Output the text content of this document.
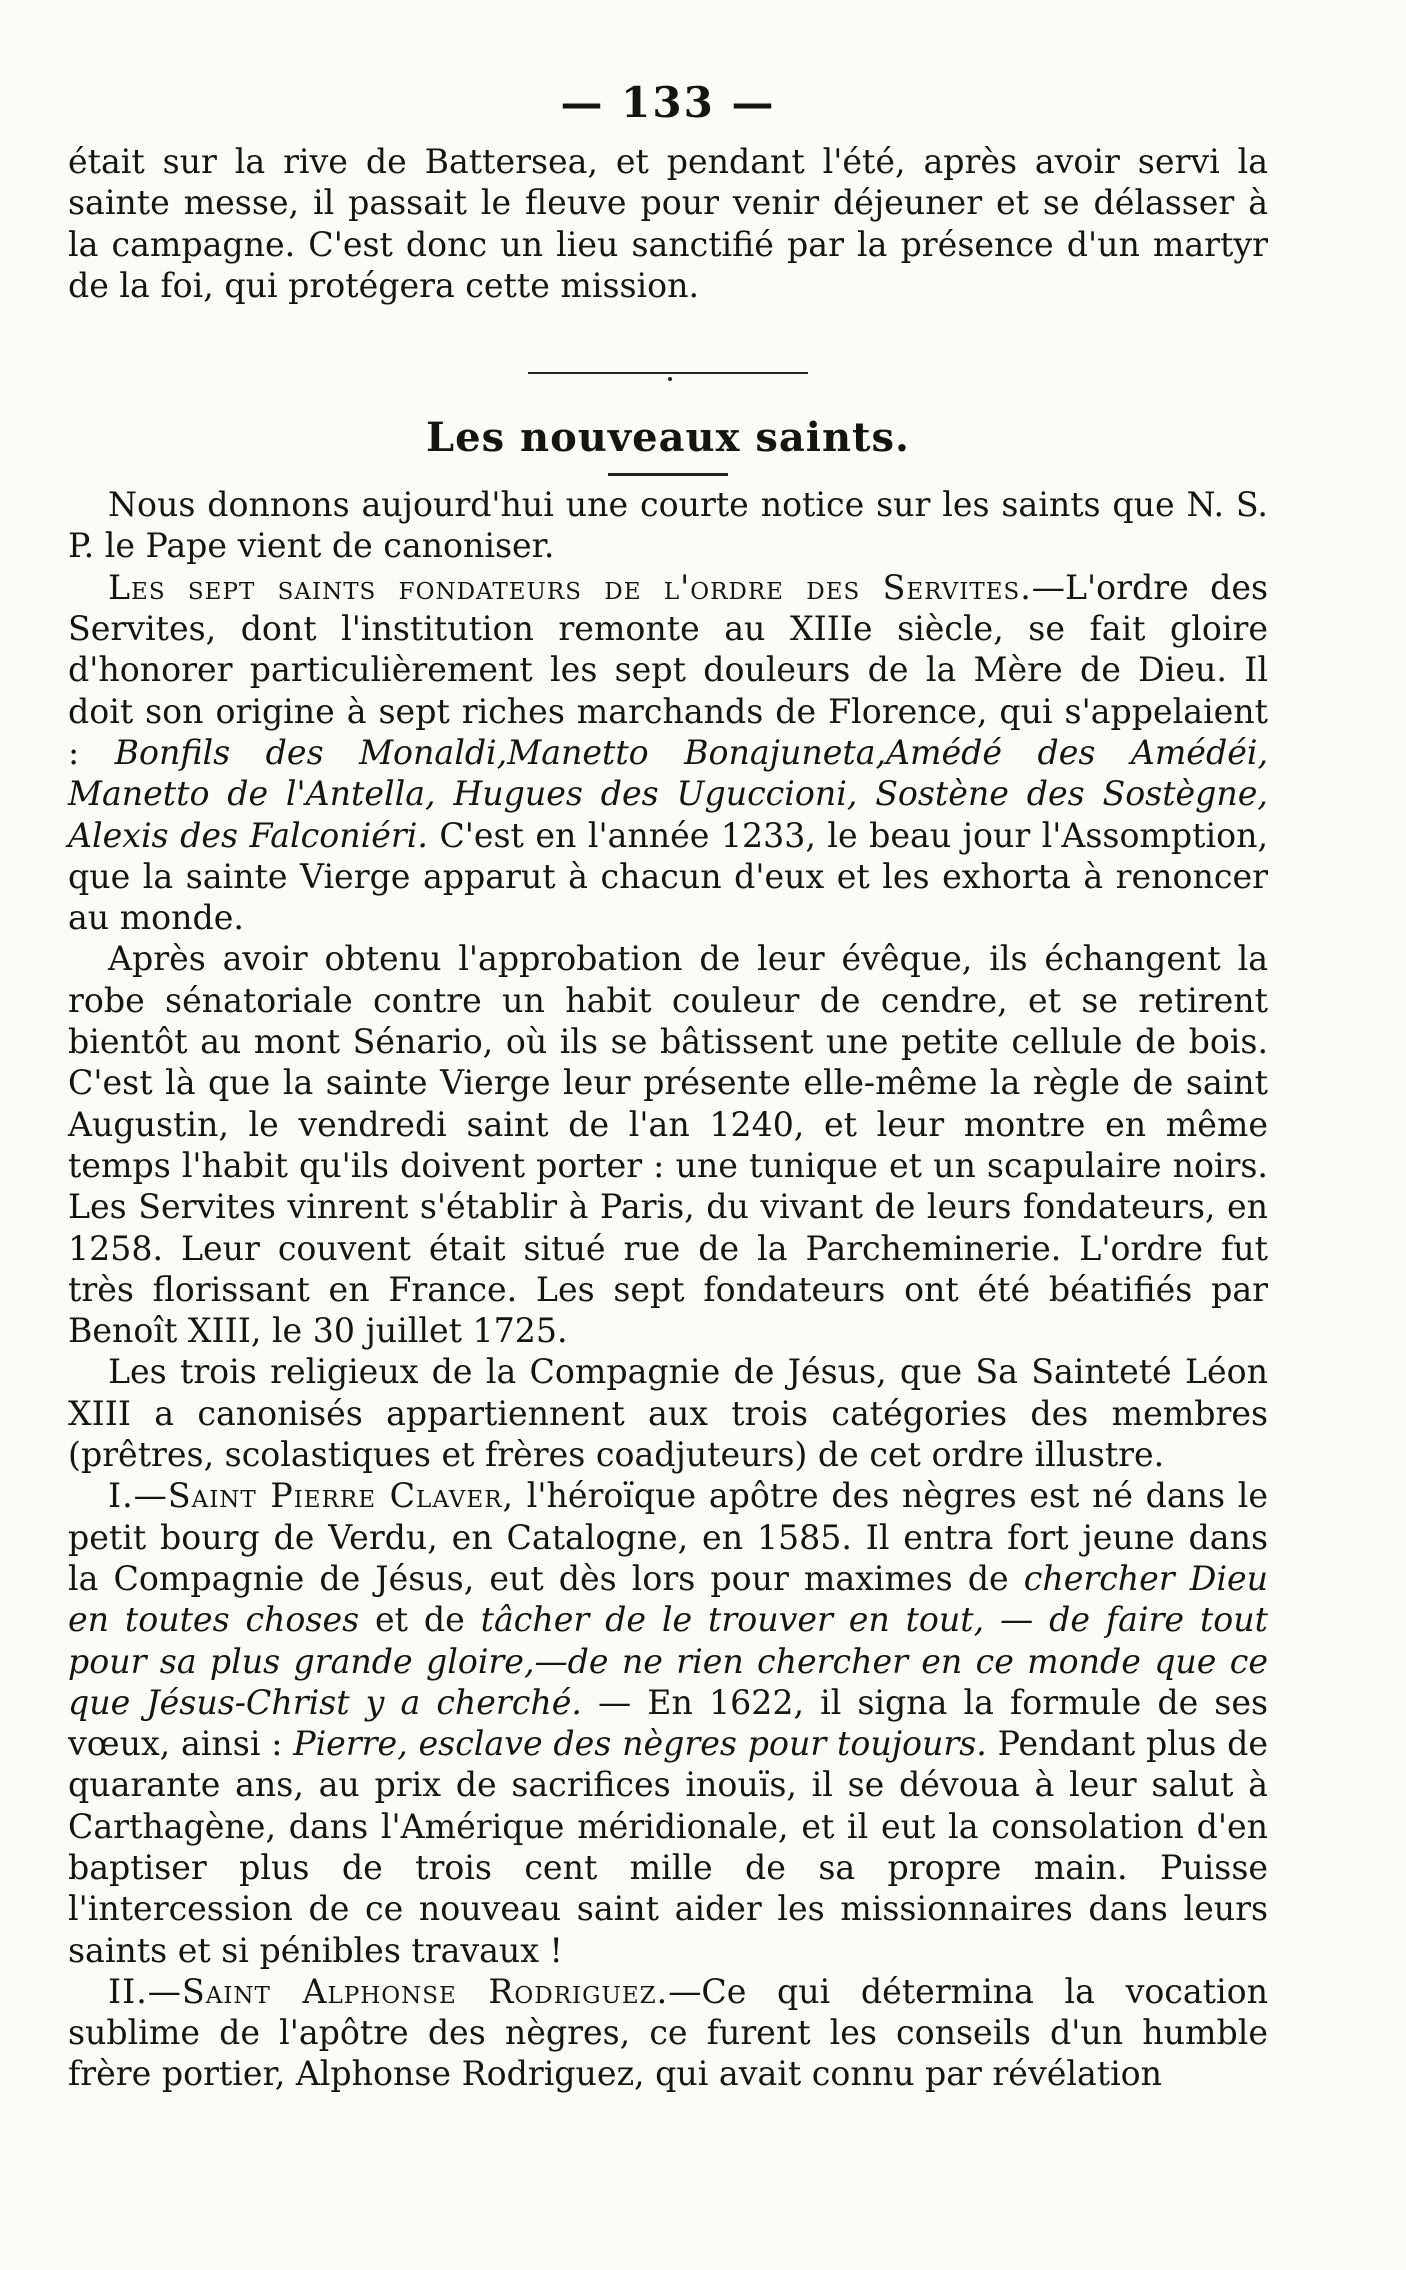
— 133 —

était sur la rive de Battersea, et pendant l'été, après avoir servi la sainte messe, il passait le fleuve pour venir déjeuner et se délasser à la campagne. C'est donc un lieu sanctifié par la présence d'un martyr de la foi, qui protégera cette mission.

Les nouveaux saints.

Nous donnons aujourd'hui une courte notice sur les saints que N. S. P. le Pape vient de canoniser.

Les sept saints fondateurs de l'ordre des Servites.—L'ordre des Servites, dont l'institution remonte au XIIIe siècle, se fait gloire d'honorer particulièrement les sept douleurs de la Mère de Dieu. Il doit son origine à sept riches marchands de Florence, qui s'appelaient : Bonfils des Monaldi,Manetto Bonajuneta,Amédé des Amédéi, Manetto de l'Antella, Hugues des Uguccioni, Sostène des Sostègne, Alexis des Falconiéri. C'est en l'année 1233, le beau jour l'Assomption, que la sainte Vierge apparut à chacun d'eux et les exhorta à renoncer au monde.

Après avoir obtenu l'approbation de leur évêque, ils échangent la robe sénatoriale contre un habit couleur de cendre, et se retirent bientôt au mont Sénario, où ils se bâtissent une petite cellule de bois. C'est là que la sainte Vierge leur présente elle-même la règle de saint Augustin, le vendredi saint de l'an 1240, et leur montre en même temps l'habit qu'ils doivent porter : une tunique et un scapulaire noirs. Les Servites vinrent s'établir à Paris, du vivant de leurs fondateurs, en 1258. Leur couvent était situé rue de la Parcheminerie. L'ordre fut très florissant en France. Les sept fondateurs ont été béatifiés par Benoît XIII, le 30 juillet 1725.

Les trois religieux de la Compagnie de Jésus, que Sa Sainteté Léon XIII a canonisés appartiennent aux trois catégories des membres (prêtres, scolastiques et frères coadjuteurs) de cet ordre illustre.

I.—Saint Pierre Claver, l'héroïque apôtre des nègres est né dans le petit bourg de Verdu, en Catalogne, en 1585. Il entra fort jeune dans la Compagnie de Jésus, eut dès lors pour maximes de chercher Dieu en toutes choses et de tâcher de le trouver en tout, — de faire tout pour sa plus grande gloire,—de ne rien chercher en ce monde que ce que Jésus-Christ y a cherché. — En 1622, il signa la formule de ses vœux, ainsi : Pierre, esclave des nègres pour toujours. Pendant plus de quarante ans, au prix de sacrifices inouïs, il se dévoua à leur salut à Carthagène, dans l'Amérique méridionale, et il eut la consolation d'en baptiser plus de trois cent mille de sa propre main. Puisse l'intercession de ce nouveau saint aider les missionnaires dans leurs saints et si pénibles travaux !

II.—Saint Alphonse Rodriguez.—Ce qui détermina la vocation sublime de l'apôtre des nègres, ce furent les conseils d'un humble frère portier, Alphonse Rodriguez, qui avait connu par révélation
